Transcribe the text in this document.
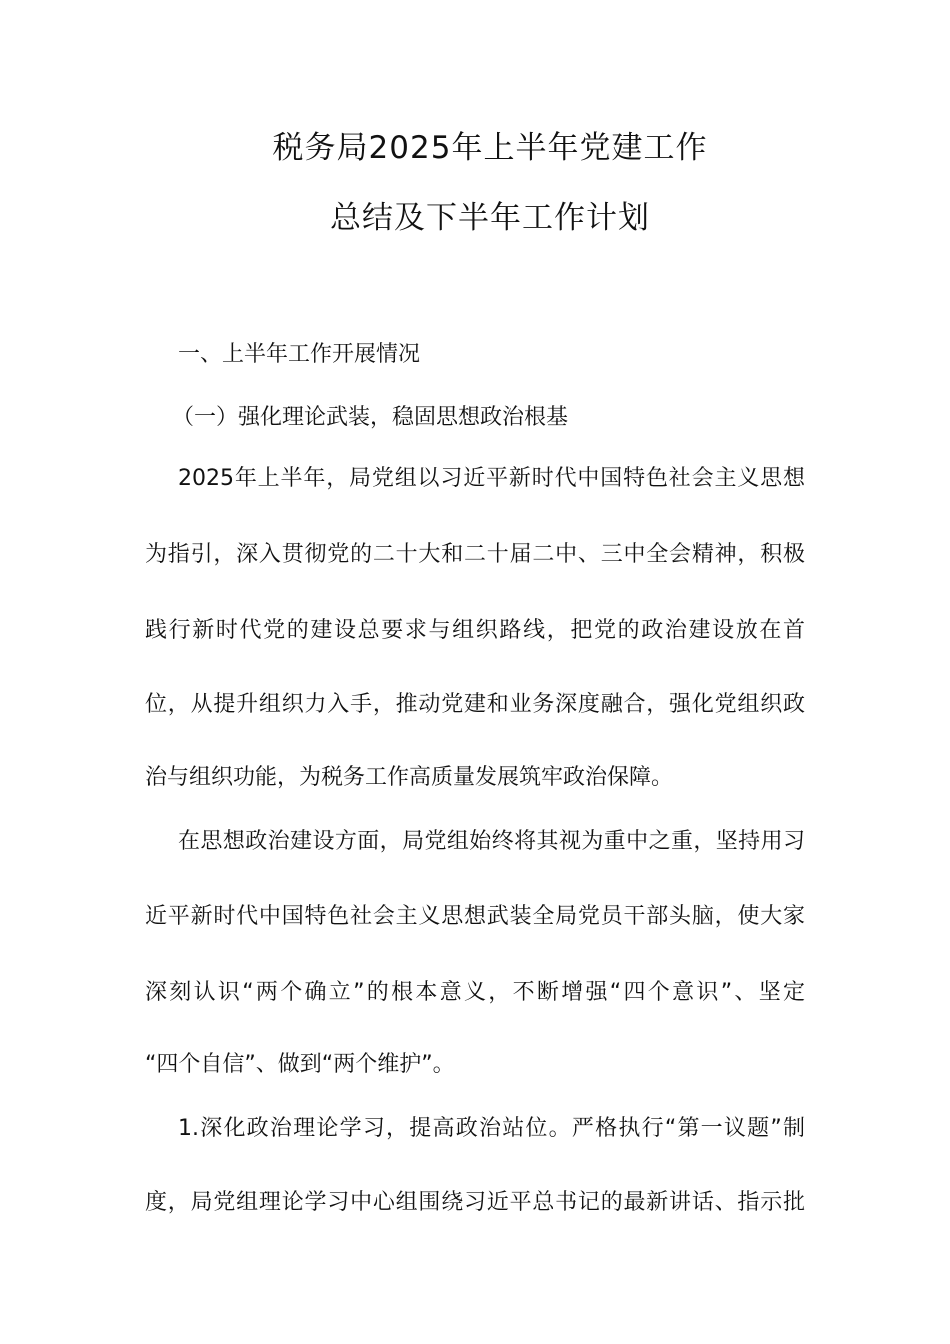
税务局2025年上半年党建工作
总结及下半年工作计划
一、上半年工作开展情况
（一）强化理论武装，稳固思想政治根基
2025年上半年，局党组以习近平新时代中国特色社会主义思想
为指引，深入贯彻党的二十大和二十届二中、三中全会精神，积极
践行新时代党的建设总要求与组织路线，把党的政治建设放在首
位，从提升组织力入手，推动党建和业务深度融合，强化党组织政
治与组织功能，为税务工作高质量发展筑牢政治保障。
在思想政治建设方面，局党组始终将其视为重中之重，坚持用习
近平新时代中国特色社会主义思想武装全局党员干部头脑，使大家
深刻认识“两个确立”的根本意义，不断增强“四个意识”、坚定
“四个自信”、做到“两个维护”。
1.深化政治理论学习，提高政治站位。严格执行“第一议题”制
度，局党组理论学习中心组围绕习近平总书记的最新讲话、指示批
